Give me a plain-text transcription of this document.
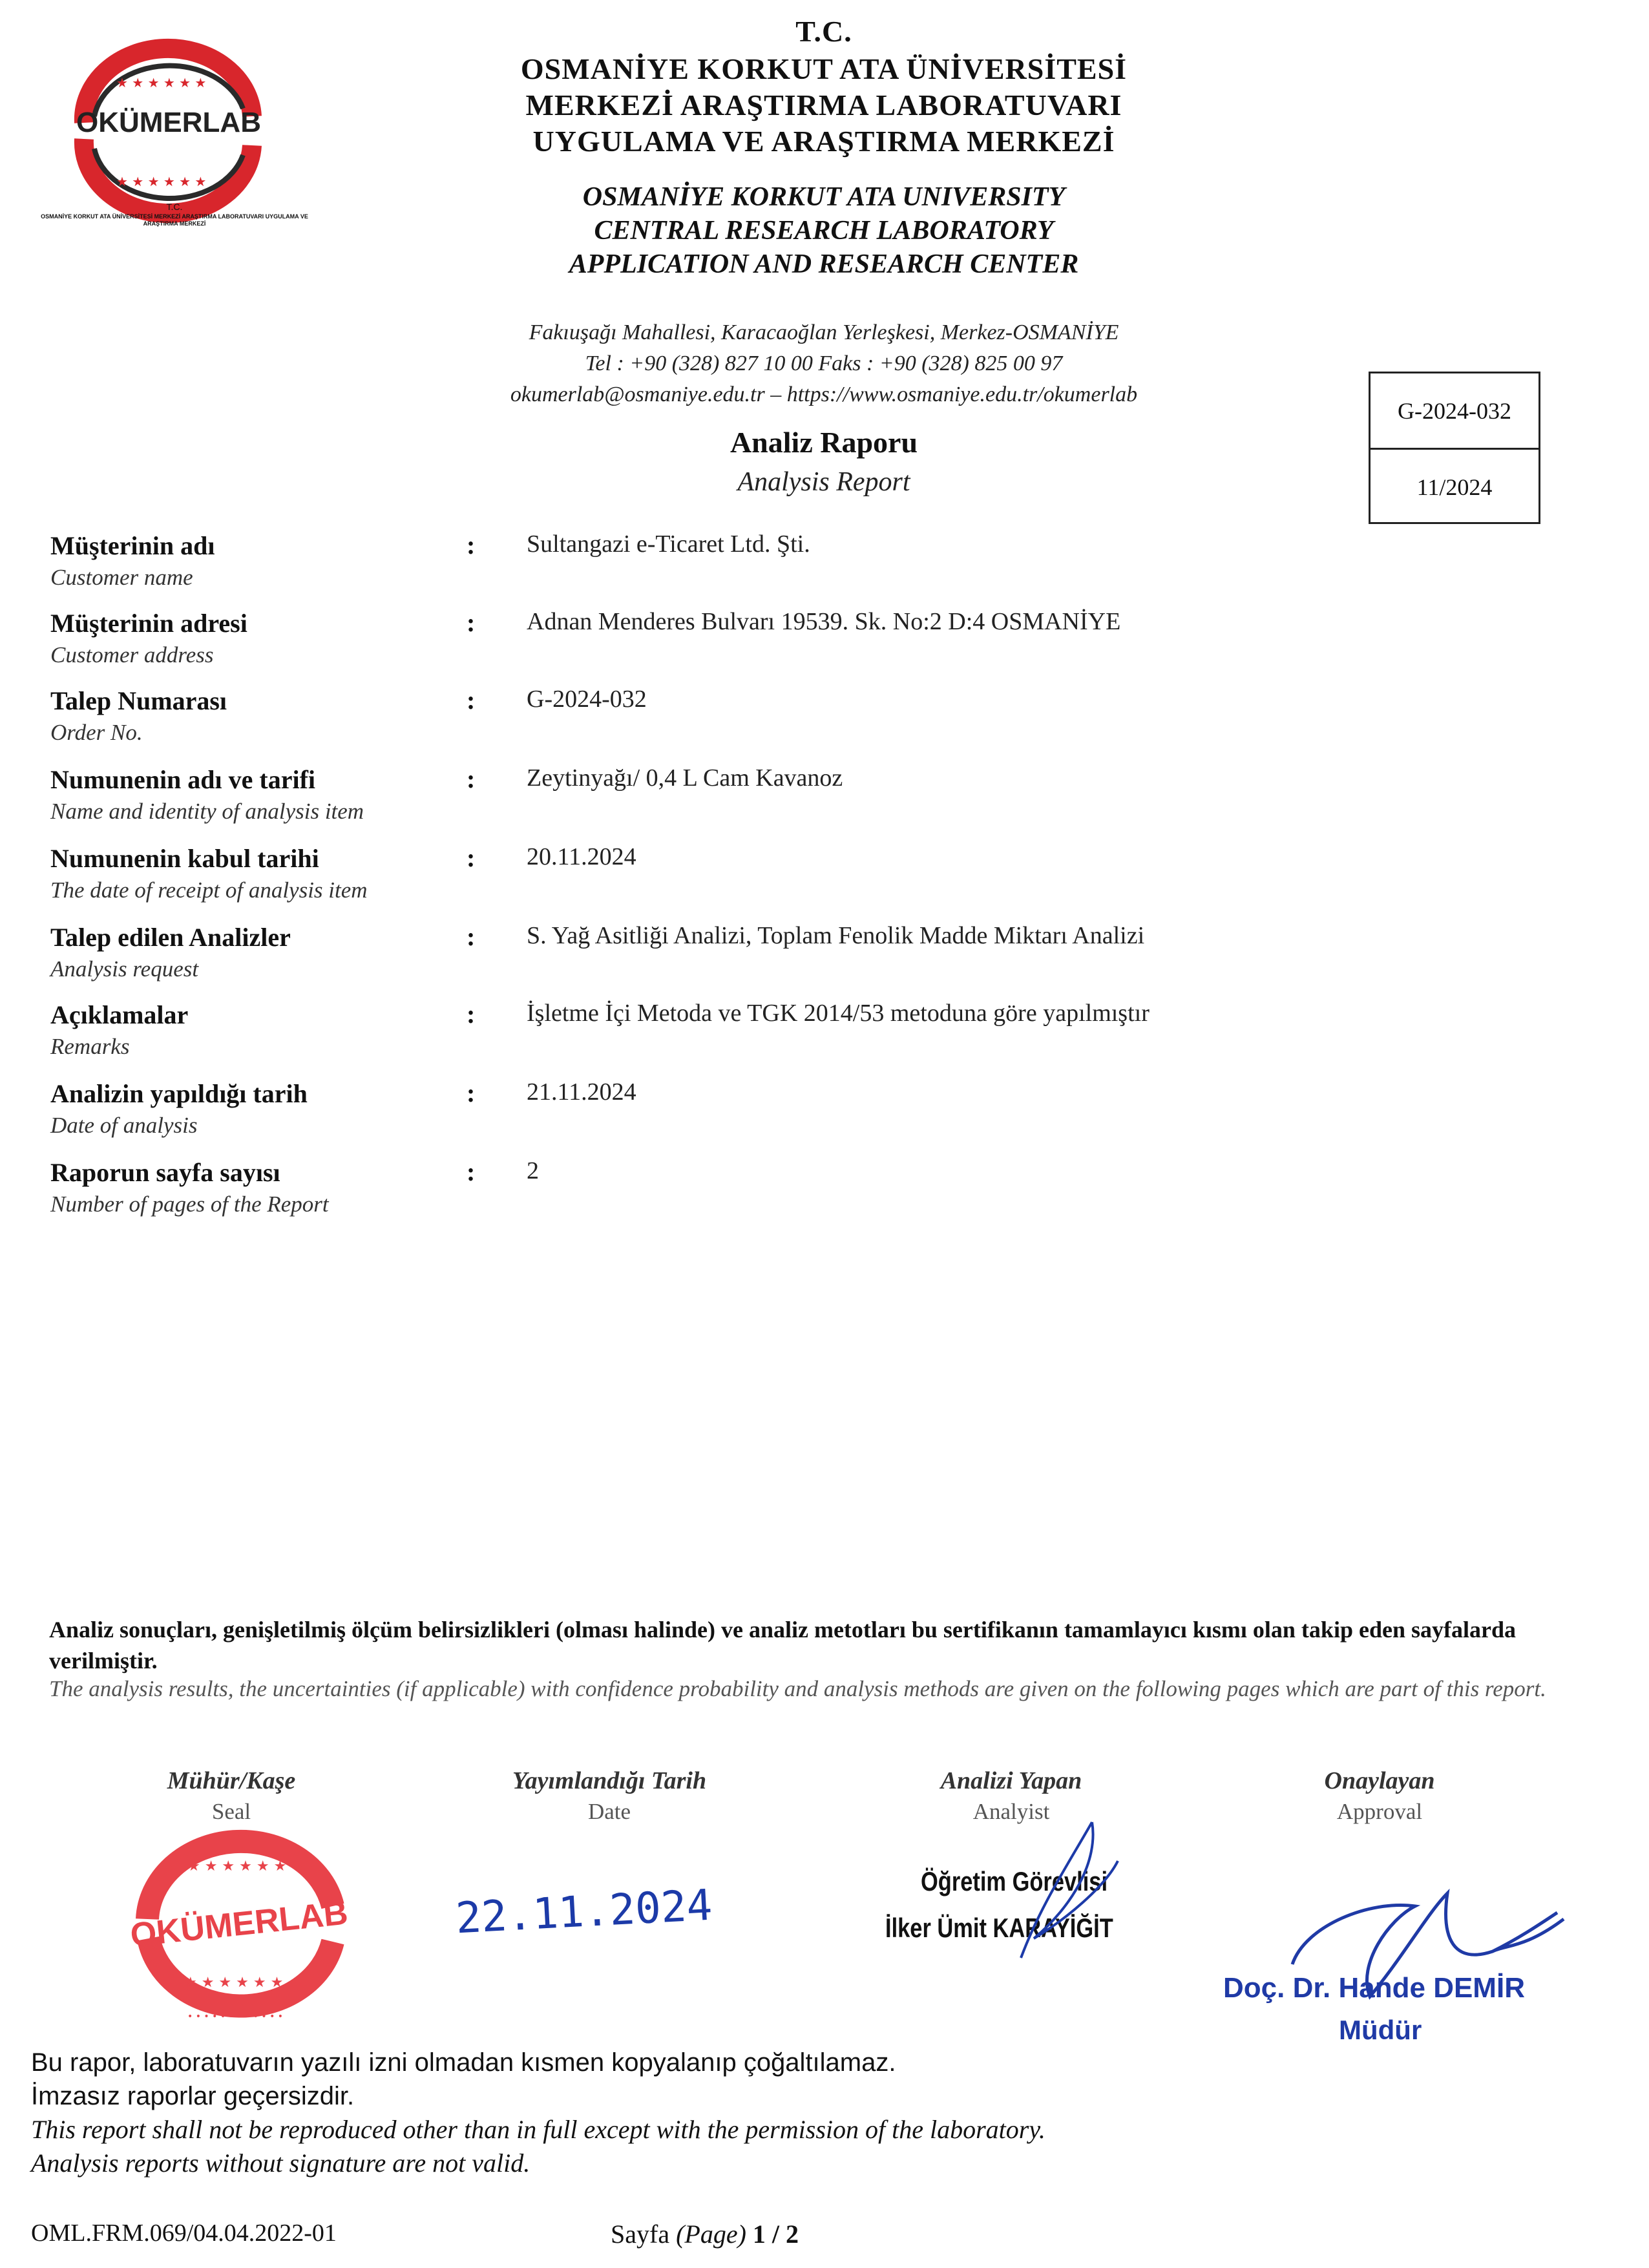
★ ★ ★ ★ ★ ★
★ ★ ★ ★ ★ ★
OKÜMERLAB
T.C.
OSMANİYE KORKUT ATA ÜNİVERSİTESİ MERKEZİ ARAŞTIRMA LABORATUVARI UYGULAMA VE ARAŞTIRMA MERKEZİ
T.C.
OSMANİYE KORKUT ATA ÜNİVERSİTESİ
MERKEZİ ARAŞTIRMA LABORATUVARI
UYGULAMA VE ARAŞTIRMA MERKEZİ
OSMANİYE KORKUT ATA UNIVERSITY
CENTRAL RESEARCH LABORATORY
APPLICATION AND RESEARCH CENTER
Fakıuşağı Mahallesi, Karacaoğlan Yerleşkesi, Merkez-OSMANİYE
Tel : +90 (328) 827 10 00 Faks : +90 (328) 825 00 97
okumerlab@osmaniye.edu.tr – https://www.osmaniye.edu.tr/okumerlab
G-2024-032
11/2024
Analiz Raporu
Analysis Report
Müşterinin adı
Customer name
: Sultangazi e-Ticaret Ltd. Şti.
Müşterinin adresi
Customer address
: Adnan Menderes Bulvarı 19539. Sk. No:2 D:4 OSMANİYE
Talep Numarası
Order No.
: G-2024-032
Numunenin adı ve tarifi
Name and identity of analysis item
: Zeytinyağı/ 0,4 L Cam Kavanoz
Numunenin kabul tarihi
The date of receipt of analysis item
: 20.11.2024
Talep edilen Analizler
Analysis request
: S. Yağ Asitliği Analizi, Toplam Fenolik Madde Miktarı Analizi
Açıklamalar
Remarks
: İşletme İçi Metoda ve TGK 2014/53 metoduna göre yapılmıştır
Analizin yapıldığı tarih
Date of analysis
: 21.11.2024
Raporun sayfa sayısı
Number of pages of the Report
: 2
Analiz sonuçları, genişletilmiş ölçüm belirsizlikleri (olması halinde) ve analiz metotları bu sertifikanın tamamlayıcı kısmı olan takip eden sayfalarda verilmiştir.
The analysis results, the uncertainties (if applicable) with confidence probability and analysis methods are given on the following pages which are part of this report.
Mühür/Kaşe
Seal
Yayımlandığı Tarih
Date
Analizi Yapan
Analyist
Onaylayan
Approval
★ ★ ★ ★ ★ ★
★ ★ ★ ★ ★ ★
• • • • • • • • • • • •
OKÜMERLAB 22.11.2024	Öğretim Görevlisi
İlker Ümit KARAYİĞİT
Doç. Dr. Hande DEMİR
Müdür
Bu rapor, laboratuvarın yazılı izni olmadan kısmen kopyalanıp çoğaltılamaz.
İmzasız raporlar geçersizdir.
This report shall not be reproduced other than in full except with the permission of the laboratory.
Analysis reports without signature are not valid.
OML.FRM.069/04.04.2022-01	Sayfa (Page) 1 / 2
